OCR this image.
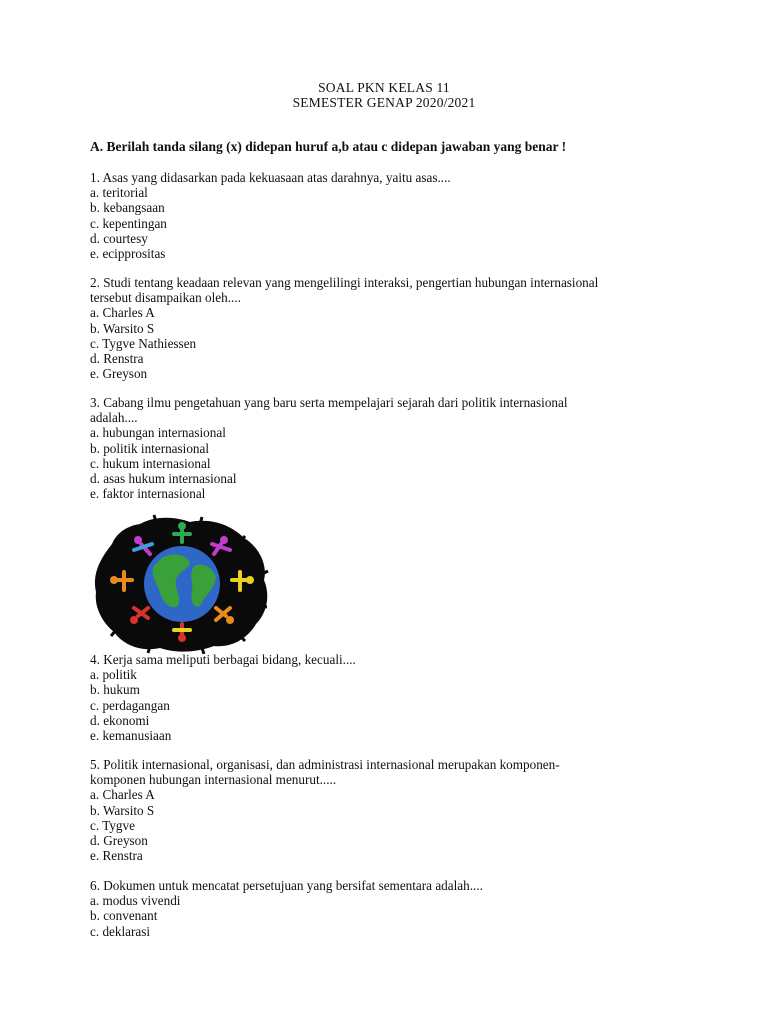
SOAL PKN KELAS 11
SEMESTER GENAP 2020/2021
A. Berilah tanda silang (x) didepan huruf a,b atau c didepan jawaban yang benar !

1. Asas yang didasarkan pada kekuasaan atas darahnya, yaitu asas....

a. teritorial

b. kebangsaan

c. kepentingan

d. courtesy

e. ecipprositas

2. Studi tentang keadaan relevan yang mengelilingi interaksi, pengertian hubungan internasional

tersebut disampaikan oleh....

a. Charles A

b. Warsito S

c. Tygve Nathiessen

d. Renstra

e. Greyson

3. Cabang ilmu pengetahuan yang baru serta mempelajari sejarah dari politik internasional

adalah....

a. hubungan internasional

b. politik internasional

c. hukum internasional

d. asas hukum internasional

e. faktor internasional

4. Kerja sama meliputi berbagai bidang, kecuali....

a. politik

b. hukum

c. perdagangan

d. ekonomi

e. kemanusiaan

5. Politik internasional, organisasi, dan administrasi internasional merupakan komponen-

komponen hubungan internasional menurut.....

a. Charles A

b. Warsito S

c. Tygve

d. Greyson

e. Renstra

6. Dokumen untuk mencatat persetujuan yang bersifat sementara adalah....

a. modus vivendi

b. convenant

c. deklarasi
